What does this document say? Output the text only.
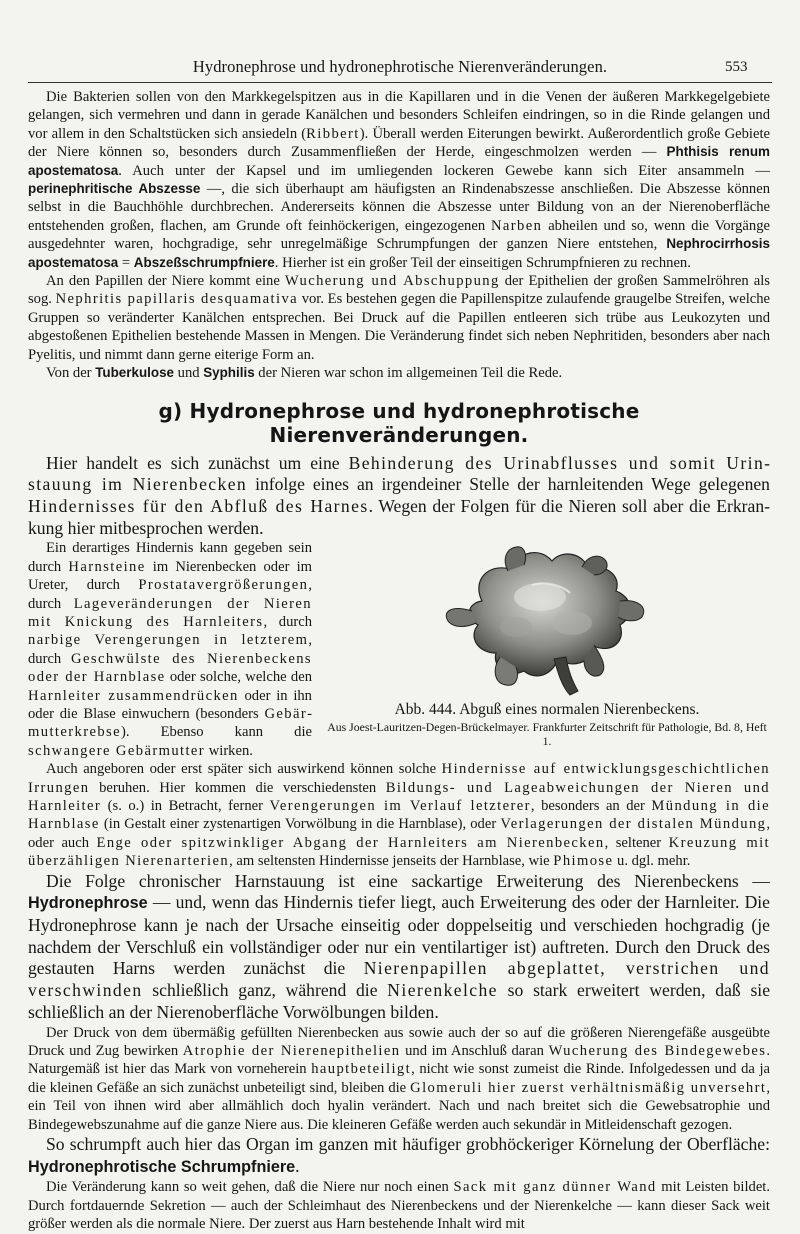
Hydronephrose und hydronephrotische Nierenveränderungen.	553

Die Bakterien sollen von den Markkegelspitzen aus in die Kapillaren und in die Venen der äußeren Markkegelgebiete gelangen, sich vermehren und dann in gerade Kanälchen und besonders Schleifen eindringen, so in die Rinde gelangen und vor allem in den Schaltstücken sich ansiedeln (Ribbert). Überall werden Eiterungen bewirkt. Außerordentlich große Gebiete der Niere können so, besonders durch Zusammenfließen der Herde, eingeschmolzen werden — Phthisis renum apostematosa. Auch unter der Kapsel und im umliegenden lockeren Gewebe kann sich Eiter ansammeln — perinephritische Abszesse —, die sich überhaupt am häufigsten an Rindenabszesse anschließen. Die Abszesse können selbst in die Bauchhöhle durchbrechen. Andererseits können die Abszesse unter Bildung von an der Nierenoberfläche entstehenden großen, flachen, am Grunde oft feinhöckerigen, eingezogenen Narben abheilen und so, wenn die Vorgänge ausgedehnter waren, hochgradige, sehr unregelmäßige Schrumpfungen der ganzen Niere entstehen, Nephrocirrhosis apostematosa = Abszeßschrumpfniere. Hierher ist ein großer Teil der einseitigen Schrumpfnieren zu rechnen.

An den Papillen der Niere kommt eine Wucherung und Abschuppung der Epithelien der großen Sammelröhren als sog. Nephritis papillaris desquamativa vor. Es bestehen gegen die Papillenspitze zulaufende graugelbe Streifen, welche Gruppen so veränderter Kanälchen entsprechen. Bei Druck auf die Papillen entleeren sich trübe aus Leukozyten und abgestoßenen Epithelien bestehende Massen in Mengen. Die Veränderung findet sich neben Nephritiden, besonders aber nach Pyelitis, und nimmt dann gerne eiterige Form an.

Von der Tuberkulose und Syphilis der Nieren war schon im allgemeinen Teil die Rede.

g) Hydronephrose und hydronephrotische Nierenveränderungen.

Hier handelt es sich zunächst um eine Behinderung des Urinabflusses und somit Urinstauung im Nierenbecken infolge eines an irgendeiner Stelle der harnleitenden Wege gelegenen Hindernisses für den Abfluß des Harnes. Wegen der Folgen für die Nieren soll aber die Erkrankung hier mitbesprochen werden.

Abb. 444. Abguß eines normalen Nierenbeckens.
Aus Joest-Lauritzen-Degen-Brückelmayer. Frankfurter Zeitschrift für Pathologie, Bd. 8, Heft 1.

Ein derartiges Hindernis kann gegeben sein durch Harnsteine im Nierenbecken oder im Ureter, durch Prostatavergrößerungen, durch Lageveränderungen der Nieren mit Knickung des Harnleiters, durch narbige Verengerungen in letzterem, durch Geschwülste des Nierenbeckens oder der Harnblase oder solche, welche den Harnleiter zusammendrücken oder in ihn oder die Blase einwuchern (besonders Gebärmutterkrebse). Ebenso kann die schwangere Gebärmutter wirken.

Auch angeboren oder erst später sich auswirkend können solche Hindernisse auf entwicklungsgeschichtlichen Irrungen beruhen. Hier kommen die verschiedensten Bildungs- und Lageabweichungen der Nieren und Harnleiter (s. o.) in Betracht, ferner Verengerungen im Verlauf letzterer, besonders an der Mündung in die Harnblase (in Gestalt einer zystenartigen Vorwölbung in die Harnblase), oder Verlagerungen der distalen Mündung, oder auch Enge oder spitzwinkliger Abgang der Harnleiters am Nierenbecken, seltener Kreuzung mit überzähligen Nierenarterien, am seltensten Hindernisse jenseits der Harnblase, wie Phimose u. dgl. mehr.

Die Folge chronischer Harnstauung ist eine sackartige Erweiterung des Nierenbeckens — Hydronephrose — und, wenn das Hindernis tiefer liegt, auch Erweiterung des oder der Harnleiter. Die Hydronephrose kann je nach der Ursache einseitig oder doppelseitig und verschieden hochgradig (je nachdem der Verschluß ein vollständiger oder nur ein ventilartiger ist) auftreten. Durch den Druck des gestauten Harns werden zunächst die Nierenpapillen abgeplattet, verstrichen und verschwinden schließlich ganz, während die Nierenkelche so stark erweitert werden, daß sie schließlich an der Nierenoberfläche Vorwölbungen bilden.

Der Druck von dem übermäßig gefüllten Nierenbecken aus sowie auch der so auf die größeren Nierengefäße ausgeübte Druck und Zug bewirken Atrophie der Nierenepithelien und im Anschluß daran Wucherung des Bindegewebes. Naturgemäß ist hier das Mark von vorneherein hauptbeteiligt, nicht wie sonst zumeist die Rinde. Infolgedessen und da ja die kleinen Gefäße an sich zunächst unbeteiligt sind, bleiben die Glomeruli hier zuerst verhältnismäßig unversehrt, ein Teil von ihnen wird aber allmählich doch hyalin verändert. Nach und nach breitet sich die Gewebsatrophie und Bindegewebszunahme auf die ganze Niere aus. Die kleineren Gefäße werden auch sekundär in Mitleidenschaft gezogen.

So schrumpft auch hier das Organ im ganzen mit häufiger grobhöckeriger Körnelung der Oberfläche: Hydronephrotische Schrumpfniere.

Die Veränderung kann so weit gehen, daß die Niere nur noch einen Sack mit ganz dünner Wand mit Leisten bildet. Durch fortdauernde Sekretion — auch der Schleimhaut des Nierenbeckens und der Nierenkelche — kann dieser Sack weit größer werden als die normale Niere. Der zuerst aus Harn bestehende Inhalt wird mit
